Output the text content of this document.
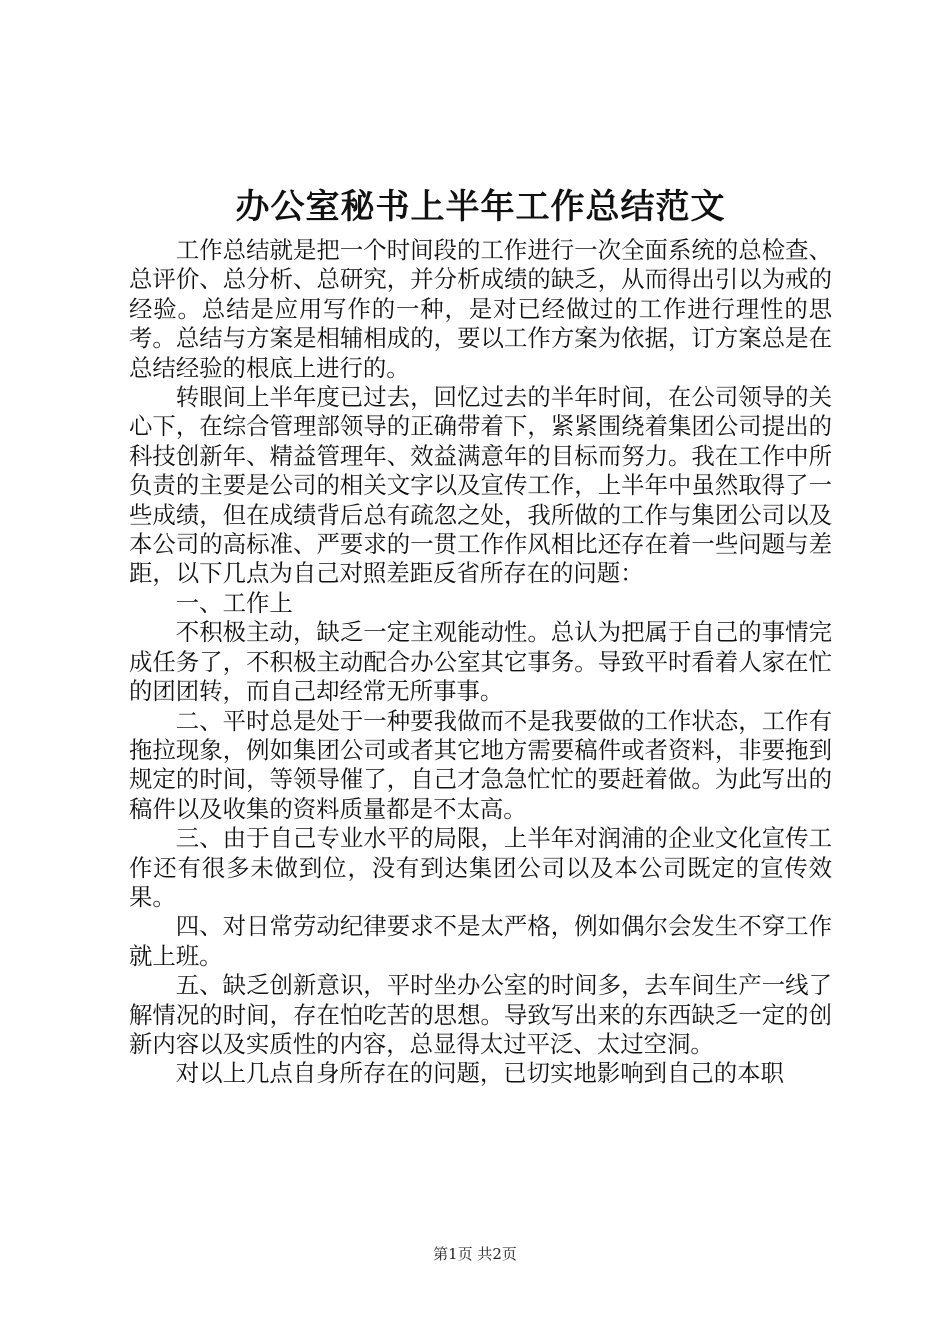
办公室秘书上半年工作总结范文

工作总结就是把一个时间段的工作进行一次全面系统的总检查、总评价、总分析、总研究，并分析成绩的缺乏，从而得出引以为戒的经验。总结是应用写作的一种，是对已经做过的工作进行理性的思考。总结与方案是相辅相成的，要以工作方案为依据，订方案总是在总结经验的根底上进行的。

转眼间上半年度已过去，回忆过去的半年时间，在公司领导的关心下，在综合管理部领导的正确带着下，紧紧围绕着集团公司提出的科技创新年、精益管理年、效益满意年的目标而努力。我在工作中所负责的主要是公司的相关文字以及宣传工作，上半年中虽然取得了一些成绩，但在成绩背后总有疏忽之处，我所做的工作与集团公司以及本公司的高标准、严要求的一贯工作作风相比还存在着一些问题与差距，以下几点为自己对照差距反省所存在的问题：

一、工作上

不积极主动，缺乏一定主观能动性。总认为把属于自己的事情完成任务了，不积极主动配合办公室其它事务。导致平时看着人家在忙的团团转，而自己却经常无所事事。

二、平时总是处于一种要我做而不是我要做的工作状态，工作有拖拉现象，例如集团公司或者其它地方需要稿件或者资料，非要拖到规定的时间，等领导催了，自己才急急忙忙的要赶着做。为此写出的稿件以及收集的资料质量都是不太高。

三、由于自己专业水平的局限，上半年对润浦的企业文化宣传工作还有很多未做到位，没有到达集团公司以及本公司既定的宣传效果。

四、对日常劳动纪律要求不是太严格，例如偶尔会发生不穿工作就上班。

五、缺乏创新意识，平时坐办公室的时间多，去车间生产一线了解情况的时间，存在怕吃苦的思想。导致写出来的东西缺乏一定的创新内容以及实质性的内容，总显得太过平泛、太过空洞。

对以上几点自身所存在的问题，已切实地影响到自己的本职

第1页 共2页
